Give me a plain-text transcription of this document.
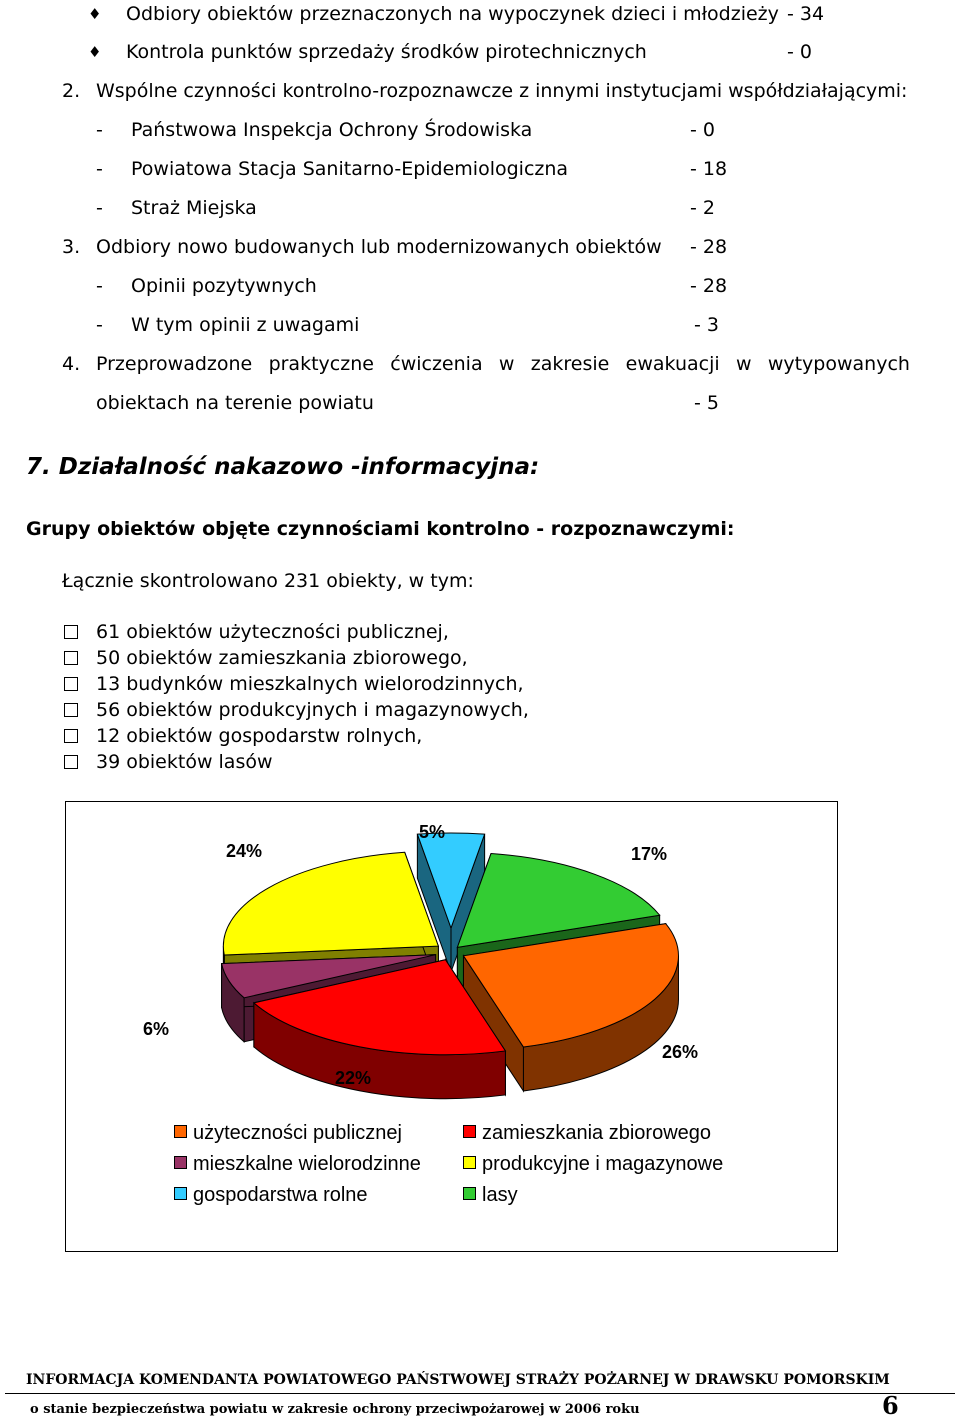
♦ Odbiory obiektów przeznaczonych na wypoczynek dzieci i młodzieży - 34
♦ Kontrola punktów sprzedaży środków pirotechnicznych	- 0
2. Wspólne czynności kontrolno-rozpoznawcze z innymi instytucjami współdziałającymi:
- Państwowa Inspekcja Ochrony Środowiska	- 0
- Powiatowa Stacja Sanitarno-Epidemiologiczna	- 18
- Straż Miejska	- 2
3. Odbiory nowo budowanych lub modernizowanych obiektów - 28
- Opinii pozytywnych	- 28
- W tym opinii z uwagami	- 3
4. Przeprowadzone praktyczne ćwiczenia w zakresie ewakuacji w wytypowanych
obiektach na terenie powiatu	- 5
7. Działalność nakazowo -informacyjna:
Grupy obiektów objęte czynnościami kontrolno - rozpoznawczymi:
Łącznie skontrolowano 231 obiekty, w tym:
61 obiektów użyteczności publicznej,
50 obiektów zamieszkania zbiorowego,
13 budynków mieszkalnych wielorodzinnych,
56 obiektów produkcyjnych i magazynowych,
12 obiektów gospodarstw rolnych,
39 obiektów lasów
26%
22%
6%
24%
5%
17%
użyteczności publicznej	zamieszkania zbiorowego
mieszkalne wielorodzinne	produkcyjne i magazynowe
gospodarstwa rolne	lasy
INFORMACJA KOMENDANTA POWIATOWEGO PAŃSTWOWEJ STRAŻY POŻARNEJ W DRAWSKU POMORSKIM
o stanie bezpieczeństwa powiatu w zakresie ochrony przeciwpożarowej w 2006 roku	6
